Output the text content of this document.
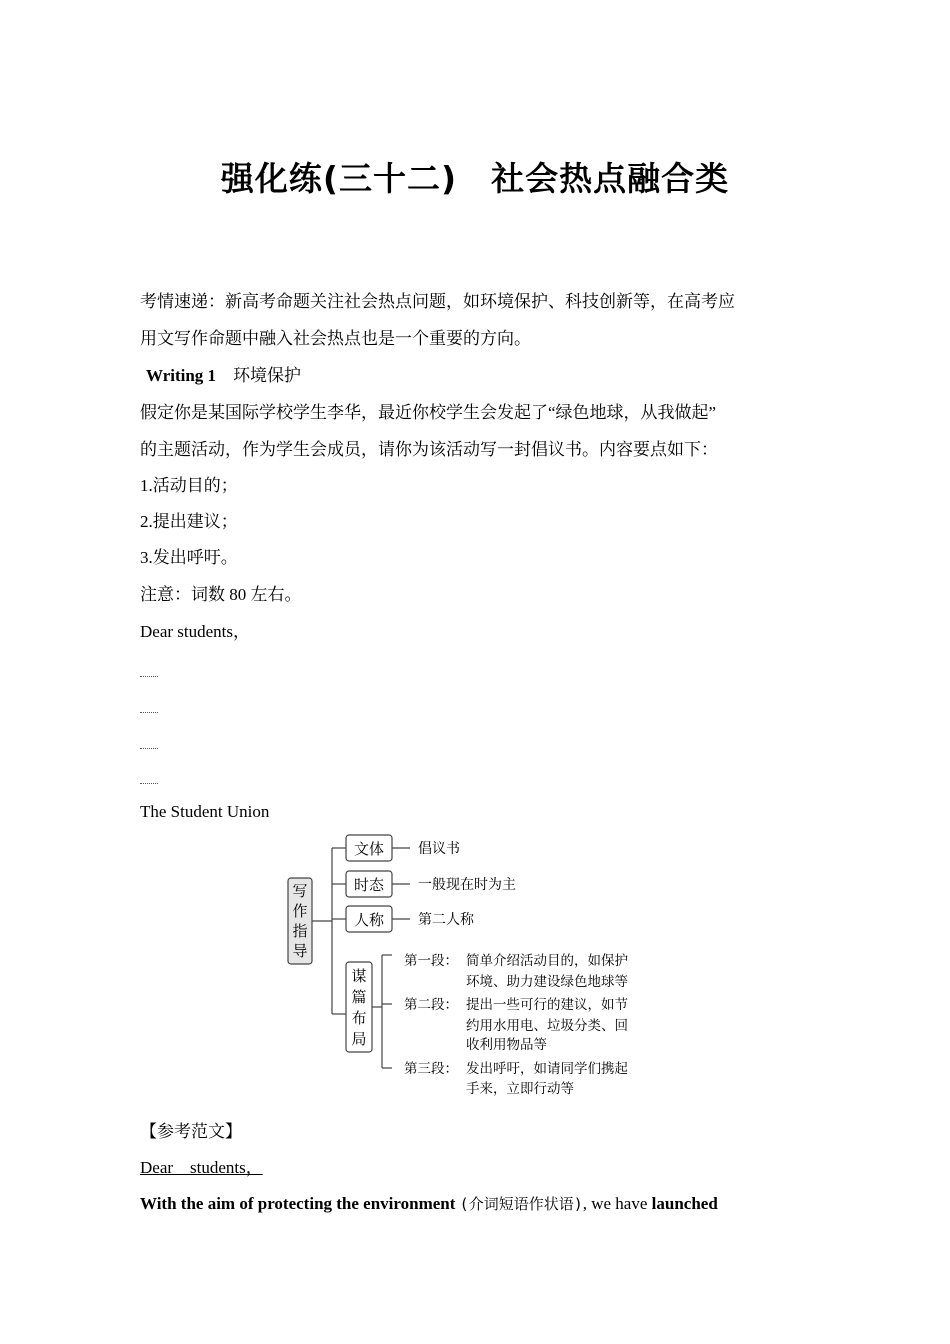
强化练(三十二)　社会热点融合类
考情速递：新高考命题关注社会热点问题，如环境保护、科技创新等，在高考应
用文写作命题中融入社会热点也是一个重要的方向。
Writing 1　 环境保护
假定你是某国际学校学生李华，最近你校学生会发起了“绿色地球，从我做起”
的主题活动，作为学生会成员，请你为该活动写一封倡议书。内容要点如下：
1.活动目的；
2.提出建议；
3.发出呼吁。
注意：词数 80 左右。
Dear students，
The Student Union
写
作
指
导
文体 倡议书
时态 一般现在时为主
人称 第二人称
谋
篇
布
局
第一段： 简单介绍活动目的，如保护
环境、助力建设绿色地球等
第二段： 提出一些可行的建议，如节
约用水用电、垃圾分类、回
收利用物品等
第三段： 发出呼吁，如请同学们携起
手来，立即行动等
【参考范文】
Dear　students，
With the aim of protecting the environment (介词短语作状语), we have launched
